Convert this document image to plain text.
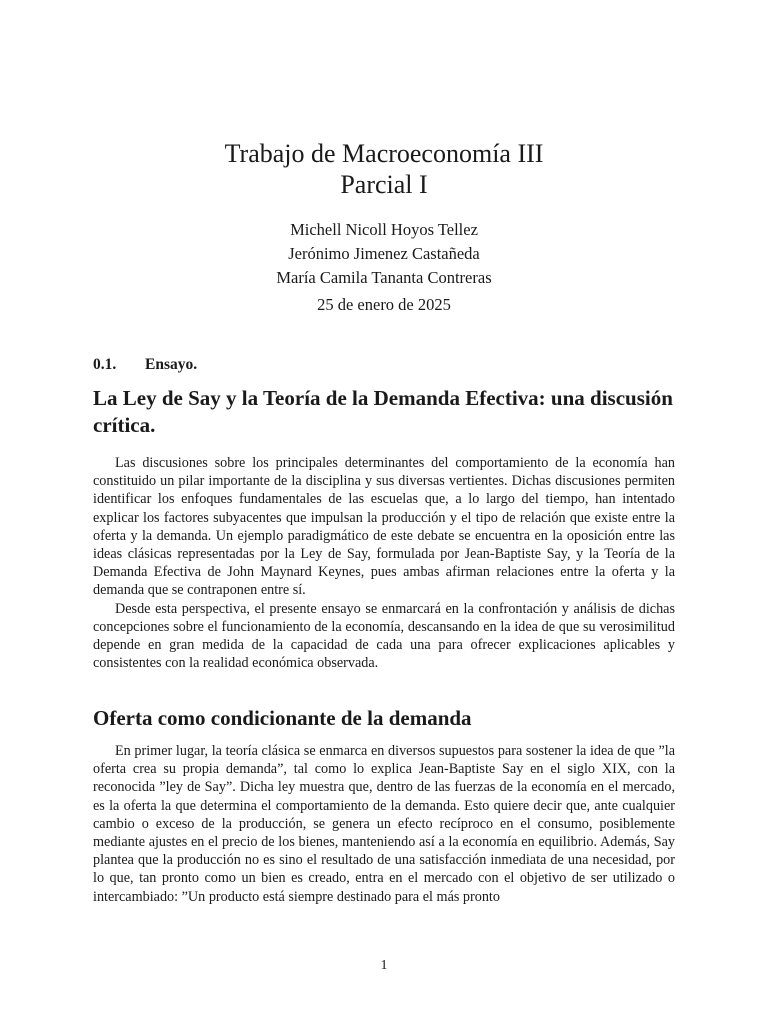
Trabajo de Macroeconomía III
Parcial I
Michell Nicoll Hoyos Tellez
Jerónimo Jimenez Castañeda
María Camila Tananta Contreras
25 de enero de 2025
0.1. Ensayo.
La Ley de Say y la Teoría de la Demanda Efectiva: una discusión crítica.

Las discusiones sobre los principales determinantes del comportamiento de la economía han constituido un pilar importante de la disciplina y sus diversas vertientes. Dichas discusiones permiten identificar los enfoques fundamentales de las escuelas que, a lo largo del tiempo, han intentado explicar los factores subyacentes que impulsan la producción y el tipo de relación que existe entre la oferta y la demanda. Un ejemplo paradigmático de este debate se encuentra en la oposición entre las ideas clásicas representadas por la Ley de Say, formulada por Jean-Baptiste Say, y la Teoría de la Demanda Efectiva de John Maynard Keynes, pues ambas afirman relaciones entre la oferta y la demanda que se contraponen entre sí.

Desde esta perspectiva, el presente ensayo se enmarcará en la confrontación y análisis de dichas concepciones sobre el funcionamiento de la economía, descansando en la idea de que su verosimilitud depende en gran medida de la capacidad de cada una para ofrecer explicaciones aplicables y consistentes con la realidad económica observada.

Oferta como condicionante de la demanda

En primer lugar, la teoría clásica se enmarca en diversos supuestos para sostener la idea de que ”la oferta crea su propia demanda”, tal como lo explica Jean-Baptiste Say en el siglo XIX, con la reconocida ”ley de Say”. Dicha ley muestra que, dentro de las fuerzas de la economía en el mercado, es la oferta la que determina el comportamiento de la demanda. Esto quiere decir que, ante cualquier cambio o exceso de la producción, se genera un efecto recíproco en el consumo, posiblemente mediante ajustes en el precio de los bienes, manteniendo así a la economía en equilibrio. Además, Say plantea que la producción no es sino el resultado de una satisfacción inmediata de una necesidad, por lo que, tan pronto como un bien es creado, entra en el mercado con el objetivo de ser utilizado o intercambiado: ”Un producto está siempre destinado para el más pronto

1
